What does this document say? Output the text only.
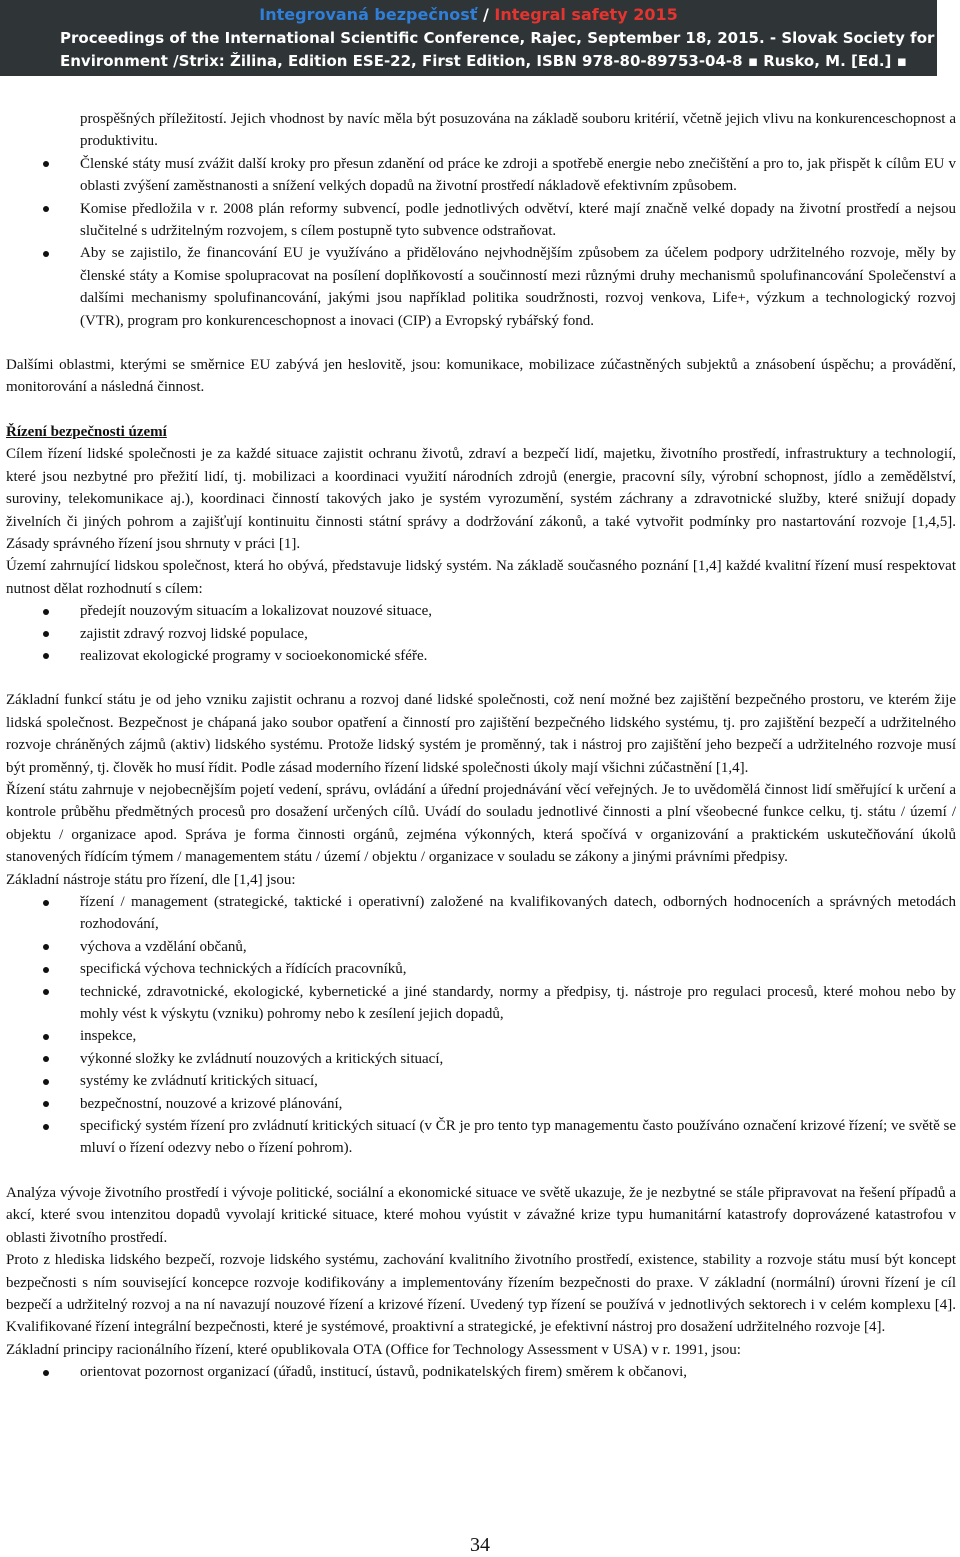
Integrovaná bezpečnosť / Integral safety 2015
Proceedings of the International Scientific Conference, Rajec, September 18, 2015. - Slovak Society for
Environment /Strix: Žilina, Edition ESE-22, First Edition, ISBN 978-80-89753-04-8 ▪ Rusko, M. [Ed.] ▪

prospěšných příležitostí. Jejich vhodnost by navíc měla být posuzována na základě souboru kritérií, včetně jejich vlivu na konkurenceschopnost a produktivitu.

Členské státy musí zvážit další kroky pro přesun zdanění od práce ke zdroji a spotřebě energie nebo znečištění a pro to, jak přispět k cílům EU v oblasti zvýšení zaměstnanosti a snížení velkých dopadů na životní prostředí nákladově efektivním způsobem.
Komise předložila v r. 2008 plán reformy subvencí, podle jednotlivých odvětví, které mají značně velké dopady na životní prostředí a nejsou slučitelné s udržitelným rozvojem, s cílem postupně tyto subvence odstraňovat.
Aby se zajistilo, že financování EU je využíváno a přidělováno nejvhodnějším způsobem za účelem podpory udržitelného rozvoje, měly by členské státy a Komise spolupracovat na posílení doplňkovostí a součinností mezi různými druhy mechanismů spolufinancování Společenství a dalšími mechanismy spolufinancování, jakými jsou například politika soudržnosti, rozvoj venkova, Life+, výzkum a technologický rozvoj (VTR), program pro konkurenceschopnost a inovaci (CIP) a Evropský rybářský fond.

Dalšími oblastmi, kterými se směrnice EU zabývá jen heslovitě, jsou: komunikace, mobilizace zúčastněných subjektů a znásobení úspěchu; a provádění, monitorování a následná činnost.

Řízení bezpečnosti území

Cílem řízení lidské společnosti je za každé situace zajistit ochranu životů, zdraví a bezpečí lidí, majetku, životního prostředí, infrastruktury a technologií, které jsou nezbytné pro přežití lidí, tj. mobilizaci a koordinaci využití národních zdrojů (energie, pracovní síly, výrobní schopnost, jídlo a zemědělství, suroviny, telekomunikace aj.), koordinaci činností takových jako je systém vyrozumění, systém záchrany a zdravotnické služby, které snižují dopady živelních či jiných pohrom a zajišťují kontinuitu činnosti státní správy a dodržování zákonů, a také vytvořit podmínky pro nastartování rozvoje [1,4,5]. Zásady správného řízení jsou shrnuty v práci [1].

Území zahrnující lidskou společnost, která ho obývá, představuje lidský systém. Na základě současného poznání [1,4] každé kvalitní řízení musí respektovat nutnost dělat rozhodnutí s cílem:

předejít nouzovým situacím a lokalizovat nouzové situace,
zajistit zdravý rozvoj lidské populace,
realizovat ekologické programy v socioekonomické sféře.

Základní funkcí státu je od jeho vzniku zajistit ochranu a rozvoj dané lidské společnosti, což není možné bez zajištění bezpečného prostoru, ve kterém žije lidská společnost. Bezpečnost je chápaná jako soubor opatření a činností pro zajištění bezpečného lidského systému, tj. pro zajištění bezpečí a udržitelného rozvoje chráněných zájmů (aktiv) lidského systému. Protože lidský systém je proměnný, tak i nástroj pro zajištění jeho bezpečí a udržitelného rozvoje musí být proměnný, tj. člověk ho musí řídit. Podle zásad moderního řízení lidské společnosti úkoly mají všichni zúčastnění [1,4].

Řízení státu zahrnuje v nejobecnějším pojetí vedení, správu, ovládání a úřední projednávání věcí veřejných. Je to uvědomělá činnost lidí směřující k určení a kontrole průběhu předmětných procesů pro dosažení určených cílů. Uvádí do souladu jednotlivé činnosti a plní všeobecné funkce celku, tj. státu / území / objektu / organizace apod. Správa je forma činnosti orgánů, zejména výkonných, která spočívá v organizování a praktickém uskutečňování úkolů stanovených řídícím týmem / managementem státu / území / objektu / organizace v souladu se zákony a jinými právními předpisy.

Základní nástroje státu pro řízení, dle [1,4] jsou:

řízení / management (strategické, taktické i operativní) založené na kvalifikovaných datech, odborných hodnoceních a správných metodách rozhodování,
výchova a vzdělání občanů,
specifická výchova technických a řídících pracovníků,
technické, zdravotnické, ekologické, kybernetické a jiné standardy, normy a předpisy, tj. nástroje pro regulaci procesů, které mohou nebo by mohly vést k výskytu (vzniku) pohromy nebo k zesílení jejich dopadů,
inspekce,
výkonné složky ke zvládnutí nouzových a kritických situací,
systémy ke zvládnutí kritických situací,
bezpečnostní, nouzové a krizové plánování,
specifický systém řízení pro zvládnutí kritických situací (v ČR je pro tento typ managementu často používáno označení krizové řízení; ve světě se mluví o řízení odezvy nebo o řízení pohrom).

Analýza vývoje životního prostředí i vývoje politické, sociální a ekonomické situace ve světě ukazuje, že je nezbytné se stále připravovat na řešení případů a akcí, které svou intenzitou dopadů vyvolají kritické situace, které mohou vyústit v závažné krize typu humanitární katastrofy doprovázené katastrofou v oblasti životního prostředí.

Proto z hlediska lidského bezpečí, rozvoje lidského systému, zachování kvalitního životního prostředí, existence, stability a rozvoje státu musí být koncept bezpečnosti s ním související koncepce rozvoje kodifikovány a implementovány řízením bezpečnosti do praxe. V základní (normální) úrovni řízení je cíl bezpečí a udržitelný rozvoj a na ní navazují nouzové řízení a krizové řízení. Uvedený typ řízení se používá v jednotlivých sektorech i v celém komplexu [4]. Kvalifikované řízení integrální bezpečnosti, které je systémové, proaktivní a strategické, je efektivní nástroj pro dosažení udržitelného rozvoje [4].

Základní principy racionálního řízení, které opublikovala OTA (Office for Technology Assessment v USA) v r. 1991, jsou:

orientovat pozornost organizací (úřadů, institucí, ústavů, podnikatelských firem) směrem k občanovi,
34
